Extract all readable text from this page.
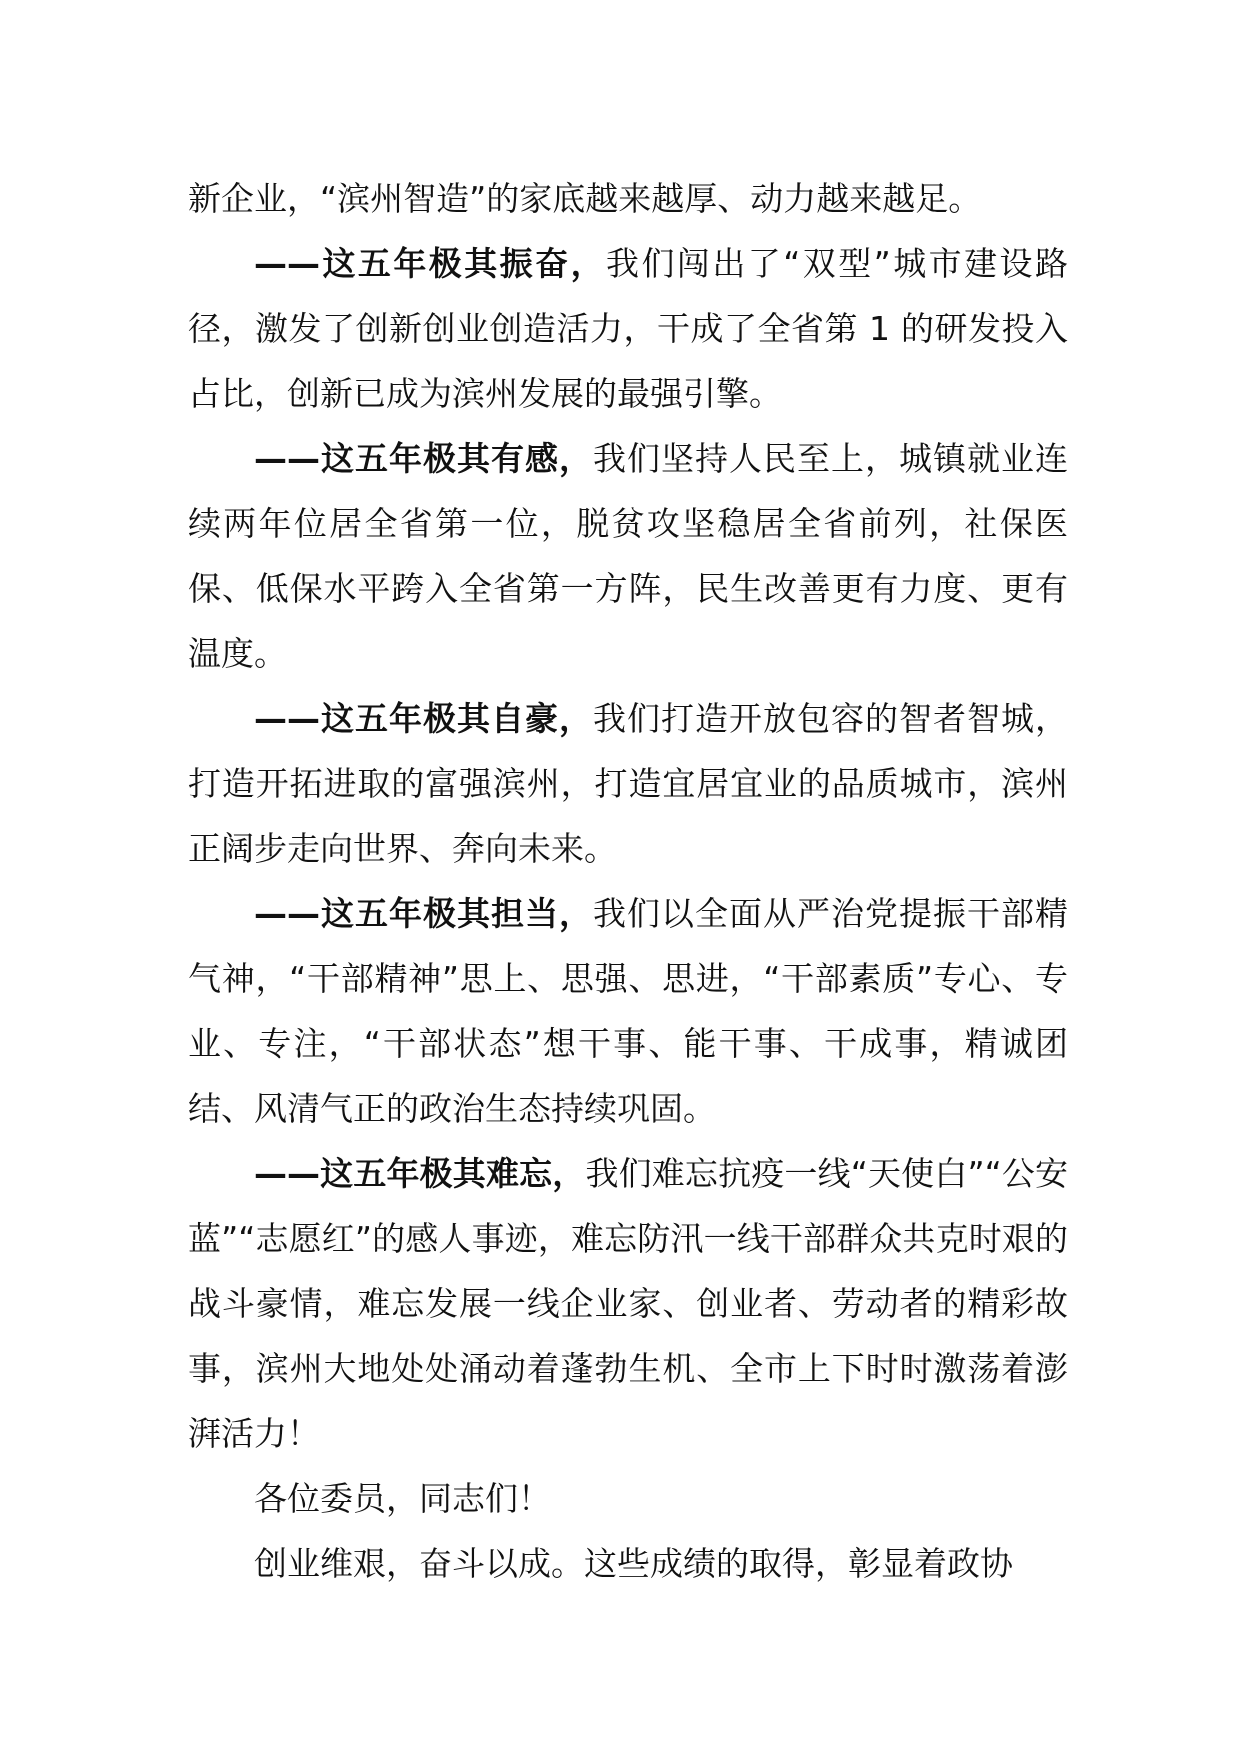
新企业，“滨州智造”的家底越来越厚、动力越来越足。

——这五年极其振奋，我们闯出了“双型”城市建设路径，激发了创新创业创造活力，干成了全省第 1 的研发投入占比，创新已成为滨州发展的最强引擎。

——这五年极其有感，我们坚持人民至上，城镇就业连续两年位居全省第一位，脱贫攻坚稳居全省前列，社保医保、低保水平跨入全省第一方阵，民生改善更有力度、更有温度。

——这五年极其自豪，我们打造开放包容的智者智城，打造开拓进取的富强滨州，打造宜居宜业的品质城市，滨州正阔步走向世界、奔向未来。

——这五年极其担当，我们以全面从严治党提振干部精气神，“干部精神”思上、思强、思进，“干部素质”专心、专业、专注，“干部状态”想干事、能干事、干成事，精诚团结、风清气正的政治生态持续巩固。

——这五年极其难忘，我们难忘抗疫一线“天使白”“公安蓝”“志愿红”的感人事迹，难忘防汛一线干部群众共克时艰的战斗豪情，难忘发展一线企业家、创业者、劳动者的精彩故事，滨州大地处处涌动着蓬勃生机、全市上下时时激荡着澎湃活力！

各位委员，同志们！

创业维艰，奋斗以成。这些成绩的取得，彰显着政协
